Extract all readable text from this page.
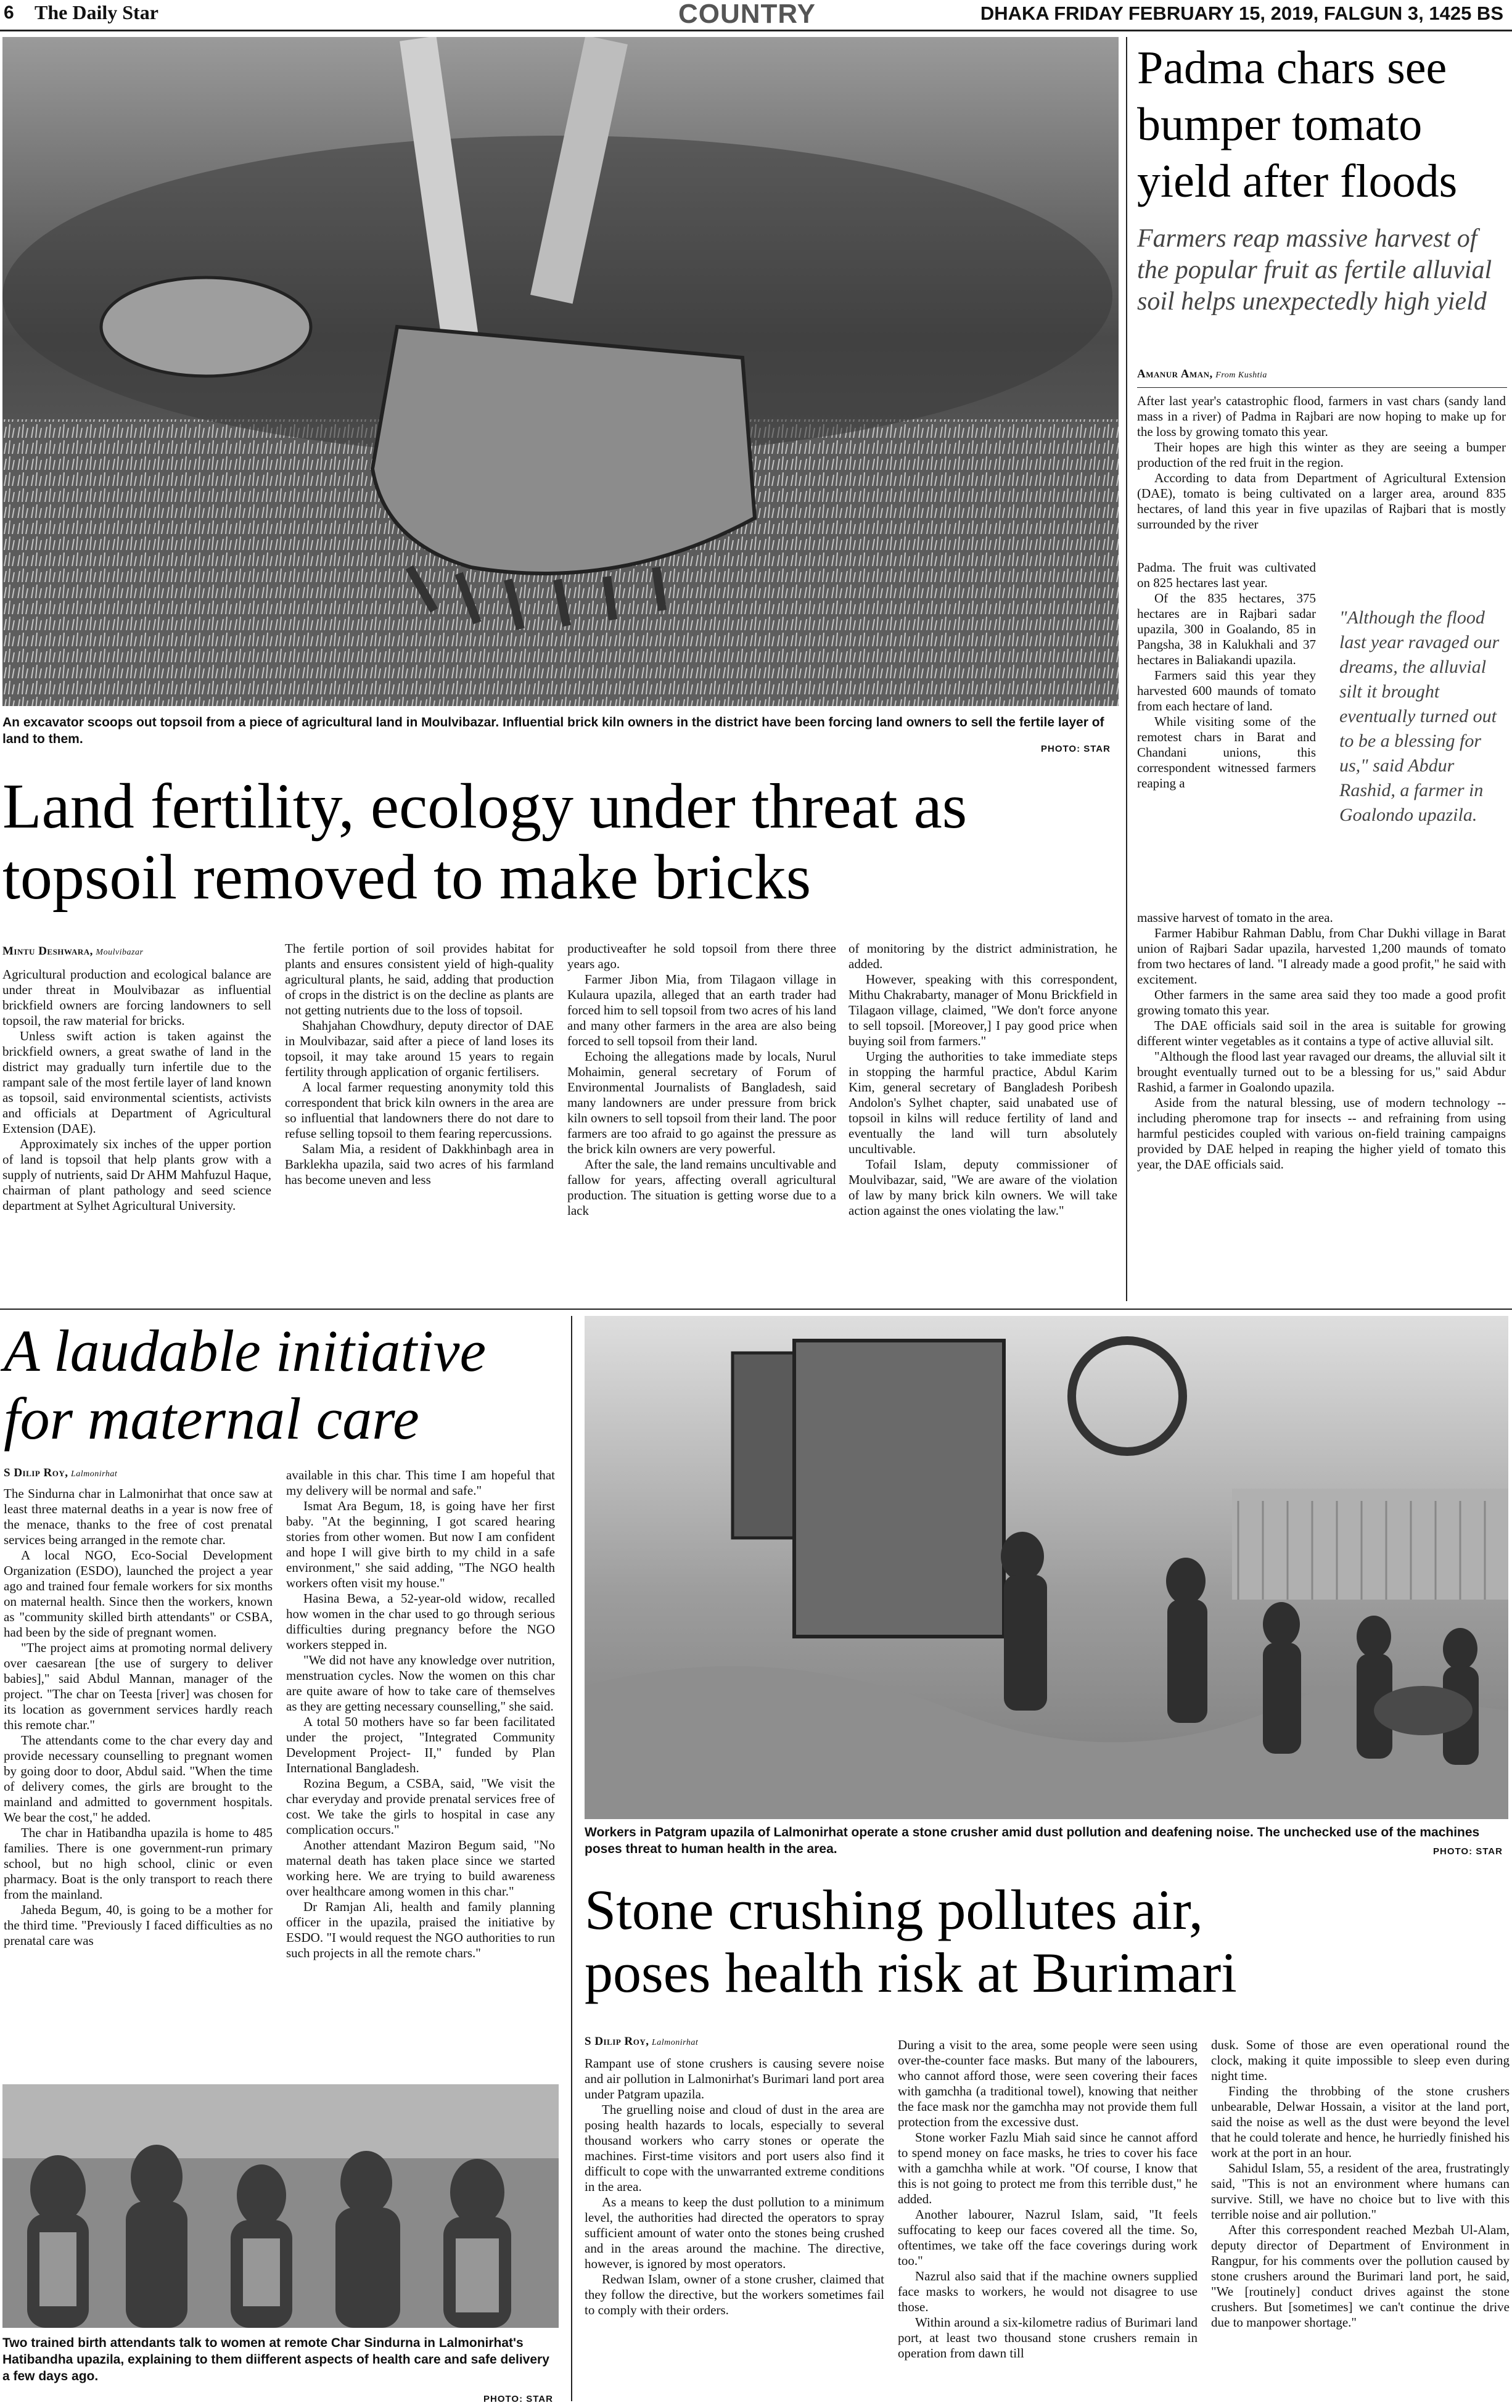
6 The Daily Star	COUNTRY	DHAKA FRIDAY FEBRUARY 15, 2019, FALGUN 3, 1425 BS
An excavator scoops out topsoil from a piece of agricultural land in Moulvibazar. Influential brick kiln owners in the district have been forcing land owners to sell the fertile layer of land to them.
PHOTO: STAR
Land fertility, ecology under threat as
topsoil removed to make bricks
Mintu Deshwara, Moulvibazar

Agricultural production and ecological balance are under threat in Moulvibazar as influential brickfield owners are forcing landowners to sell topsoil, the raw material for bricks.

Unless swift action is taken against the brickfield owners, a great swathe of land in the district may gradually turn infertile due to the rampant sale of the most fertile layer of land known as topsoil, said environmental scientists, activists and officials at Department of Agricultural Extension (DAE).

Approximately six inches of the upper portion of land is topsoil that help plants grow with a supply of nutrients, said Dr AHM Mahfuzul Haque, chairman of plant pathology and seed science department at Sylhet Agricultural University.

The fertile portion of soil provides habitat for plants and ensures consistent yield of high-quality agricultural plants, he said, adding that production of crops in the district is on the decline as plants are not getting nutrients due to the loss of topsoil.

Shahjahan Chowdhury, deputy director of DAE in Moulvibazar, said after a piece of land loses its topsoil, it may take around 15 years to regain fertility through application of organic fertilisers.

A local farmer requesting anonymity told this correspondent that brick kiln owners in the area are so influential that landowners there do not dare to refuse selling topsoil to them fearing repercussions.

Salam Mia, a resident of Dakkhinbagh area in Barklekha upazila, said two acres of his farmland has become uneven and less

productiveafter he sold topsoil from there three years ago.

Farmer Jibon Mia, from Tilagaon village in Kulaura upazila, alleged that an earth trader had forced him to sell topsoil from two acres of his land and many other farmers in the area are also being forced to sell topsoil from their land.

Echoing the allegations made by locals, Nurul Mohaimin, general secretary of Forum of Environmental Journalists of Bangladesh, said many landowners are under pressure from brick kiln owners to sell topsoil from their land. The poor farmers are too afraid to go against the pressure as the brick kiln owners are very powerful.

After the sale, the land remains uncultivable and fallow for years, affecting overall agricultural production. The situation is getting worse due to a lack

of monitoring by the district administration, he added.

However, speaking with this correspondent, Mithu Chakrabarty, manager of Monu Brickfield in Tilagaon village, claimed, "We don't force anyone to sell topsoil. [Moreover,] I pay good price when buying soil from farmers."

Urging the authorities to take immediate steps in stopping the harmful practice, Abdul Karim Kim, general secretary of Bangladesh Poribesh Andolon's Sylhet chapter, said unabated use of topsoil in kilns will reduce fertility of land and eventually the land will turn absolutely uncultivable.

Tofail Islam, deputy commissioner of Moulvibazar, said, "We are aware of the violation of law by many brick kiln owners. We will take action against the ones violating the law."

Padma chars see bumper tomato yield after floods
Farmers reap massive harvest of the popular fruit as fertile alluvial soil helps unexpectedly high yield
Amanur Aman, From Kushtia

After last year's catastrophic flood, farmers in vast chars (sandy land mass in a river) of Padma in Rajbari are now hoping to make up for the loss by growing tomato this year.

Their hopes are high this winter as they are seeing a bumper production of the red fruit in the region.

According to data from Department of Agricultural Extension (DAE), tomato is being cultivated on a larger area, around 835 hectares, of land this year in five upazilas of Rajbari that is mostly surrounded by the river

Padma. The fruit was cultivated on 825 hectares last year.

Of the 835 hectares, 375 hectares are in Rajbari sadar upazila, 300 in Goalando, 85 in Pangsha, 38 in Kalukhali and 37 hectares in Baliakandi upazila.

Farmers said this year they harvested 600 maunds of tomato from each hectare of land.

While visiting some of the remotest chars in Barat and Chandani unions, this correspondent witnessed farmers reaping a

"Although the flood last year ravaged our dreams, the alluvial silt it brought eventually turned out to be a blessing for us," said Abdur Rashid, a farmer in Goalondo upazila.

massive harvest of tomato in the area.

Farmer Habibur Rahman Dablu, from Char Dukhi village in Barat union of Rajbari Sadar upazila, harvested 1,200 maunds of tomato from two hectares of land. "I already made a good profit," he said with excitement.

Other farmers in the same area said they too made a good profit growing tomato this year.

The DAE officials said soil in the area is suitable for growing different winter vegetables as it contains a type of active alluvial silt.

"Although the flood last year ravaged our dreams, the alluvial silt it brought eventually turned out to be a blessing for us," said Abdur Rashid, a farmer in Goalondo upazila.

Aside from the natural blessing, use of modern technology -- including pheromone trap for insects -- and refraining from using harmful pesticides coupled with various on-field training campaigns provided by DAE helped in reaping the higher yield of tomato this year, the DAE officials said.

A laudable initiative
for maternal care
S Dilip Roy, Lalmonirhat

The Sindurna char in Lalmonirhat that once saw at least three maternal deaths in a year is now free of the menace, thanks to the free of cost prenatal services being arranged in the remote char.

A local NGO, Eco-Social Development Organization (ESDO), launched the project a year ago and trained four female workers for six months on maternal health. Since then the workers, known as "community skilled birth attendants" or CSBA, had been by the side of pregnant women.

"The project aims at promoting normal delivery over caesarean [the use of surgery to deliver babies]," said Abdul Mannan, manager of the project. "The char on Teesta [river] was chosen for its location as government services hardly reach this remote char."

The attendants come to the char every day and provide necessary counselling to pregnant women by going door to door, Abdul said. "When the time of delivery comes, the girls are brought to the mainland and admitted to government hospitals. We bear the cost," he added.

The char in Hatibandha upazila is home to 485 families. There is one government-run primary school, but no high school, clinic or even pharmacy. Boat is the only transport to reach there from the mainland.

Jaheda Begum, 40, is going to be a mother for the third time. "Previously I faced difficulties as no prenatal care was

available in this char. This time I am hopeful that my delivery will be normal and safe."

Ismat Ara Begum, 18, is going have her first baby. "At the beginning, I got scared hearing stories from other women. But now I am confident and hope I will give birth to my child in a safe environment," she said adding, "The NGO health workers often visit my house."

Hasina Bewa, a 52-year-old widow, recalled how women in the char used to go through serious difficulties during pregnancy before the NGO workers stepped in.

"We did not have any knowledge over nutrition, menstruation cycles. Now the women on this char are quite aware of how to take care of themselves as they are getting necessary counselling," she said.

A total 50 mothers have so far been facilitated under the project, "Integrated Community Development Project- II," funded by Plan International Bangladesh.

Rozina Begum, a CSBA, said, "We visit the char everyday and provide prenatal services free of cost. We take the girls to hospital in case any complication occurs."

Another attendant Maziron Begum said, "No maternal death has taken place since we started working here. We are trying to build awareness over healthcare among women in this char."

Dr Ramjan Ali, health and family planning officer in the upazila, praised the initiative by ESDO. "I would request the NGO authorities to run such projects in all the remote chars."

Two trained birth attendants talk to women at remote Char Sindurna in Lalmonirhat's Hatibandha upazila, explaining to them diifferent aspects of health care and safe delivery a few days ago.
PHOTO: STAR
Workers in Patgram upazila of Lalmonirhat operate a stone crusher amid dust pollution and deafening noise. The unchecked use of the machines poses threat to human health in the area.	PHOTO: STAR
Stone crushing pollutes air,
poses health risk at Burimari
S Dilip Roy, Lalmonirhat

Rampant use of stone crushers is causing severe noise and air pollution in Lalmonirhat's Burimari land port area under Patgram upazila.

The gruelling noise and cloud of dust in the area are posing health hazards to locals, especially to several thousand workers who carry stones or operate the machines. First-time visitors and port users also find it difficult to cope with the unwarranted extreme conditions in the area.

As a means to keep the dust pollution to a minimum level, the authorities had directed the operators to spray sufficient amount of water onto the stones being crushed and in the areas around the machine. The directive, however, is ignored by most operators.

Redwan Islam, owner of a stone crusher, claimed that they follow the directive, but the workers sometimes fail to comply with their orders.

During a visit to the area, some people were seen using over-the-counter face masks. But many of the labourers, who cannot afford those, were seen covering their faces with gamchha (a traditional towel), knowing that neither the face mask nor the gamchha may not provide them full protection from the excessive dust.

Stone worker Fazlu Miah said since he cannot afford to spend money on face masks, he tries to cover his face with a gamchha while at work. "Of course, I know that this is not going to protect me from this terrible dust," he added.

Another labourer, Nazrul Islam, said, "It feels suffocating to keep our faces covered all the time. So, oftentimes, we take off the face coverings during work too."

Nazrul also said that if the machine owners supplied face masks to workers, he would not disagree to use those.

Within around a six-kilometre radius of Burimari land port, at least two thousand stone crushers remain in operation from dawn till

dusk. Some of those are even operational round the clock, making it quite impossible to sleep even during night time.

Finding the throbbing of the stone crushers unbearable, Delwar Hossain, a visitor at the land port, said the noise as well as the dust were beyond the level that he could tolerate and hence, he hurriedly finished his work at the port in an hour.

Sahidul Islam, 55, a resident of the area, frustratingly said, "This is not an environment where humans can survive. Still, we have no choice but to live with this terrible noise and air pollution."

After this correspondent reached Mezbah Ul-Alam, deputy director of Department of Environment in Rangpur, for his comments over the pollution caused by stone crushers around the Burimari land port, he said, "We [routinely] conduct drives against the stone crushers. But [sometimes] we can't continue the drive due to manpower shortage."
